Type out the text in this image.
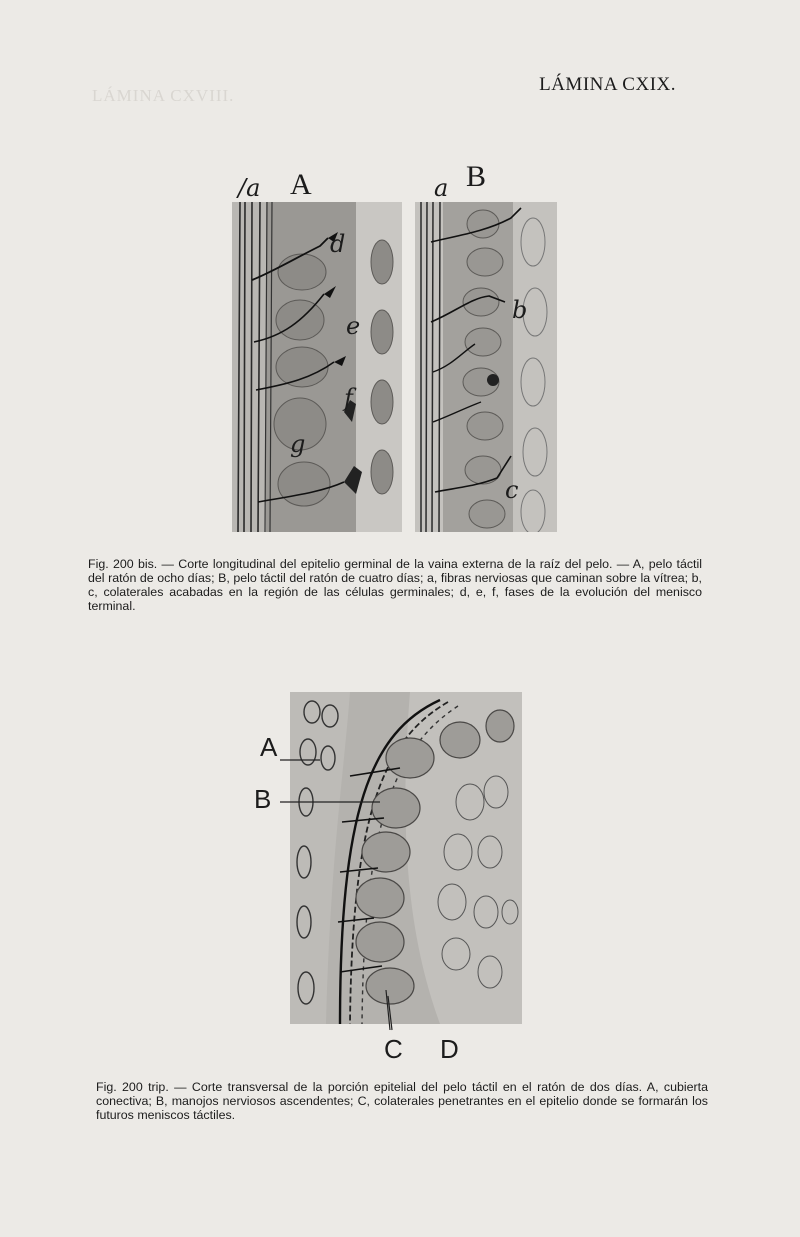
LÁMINA CXVIII.
LÁMINA CXIX.
/a A	a B
d
e
f
g
b
c
Fig. 200 bis. — Corte longitudinal del epitelio germinal de la vaina externa de la raíz del pelo. — A, pelo táctil del ratón de ocho días; B, pelo táctil del ratón de cuatro días; a, fibras nerviosas que caminan sobre la vítrea; b, c, colaterales acabadas en la región de las células germinales; d, e, f, fases de la evolución del menisco terminal.
A
B
C D
Fig. 200 trip. — Corte transversal de la porción epitelial del pelo táctil en el ratón de dos días. A, cubierta conectiva; B, manojos nerviosos ascendentes; C, colaterales penetrantes en el epitelio donde se formarán los futuros meniscos táctiles.
